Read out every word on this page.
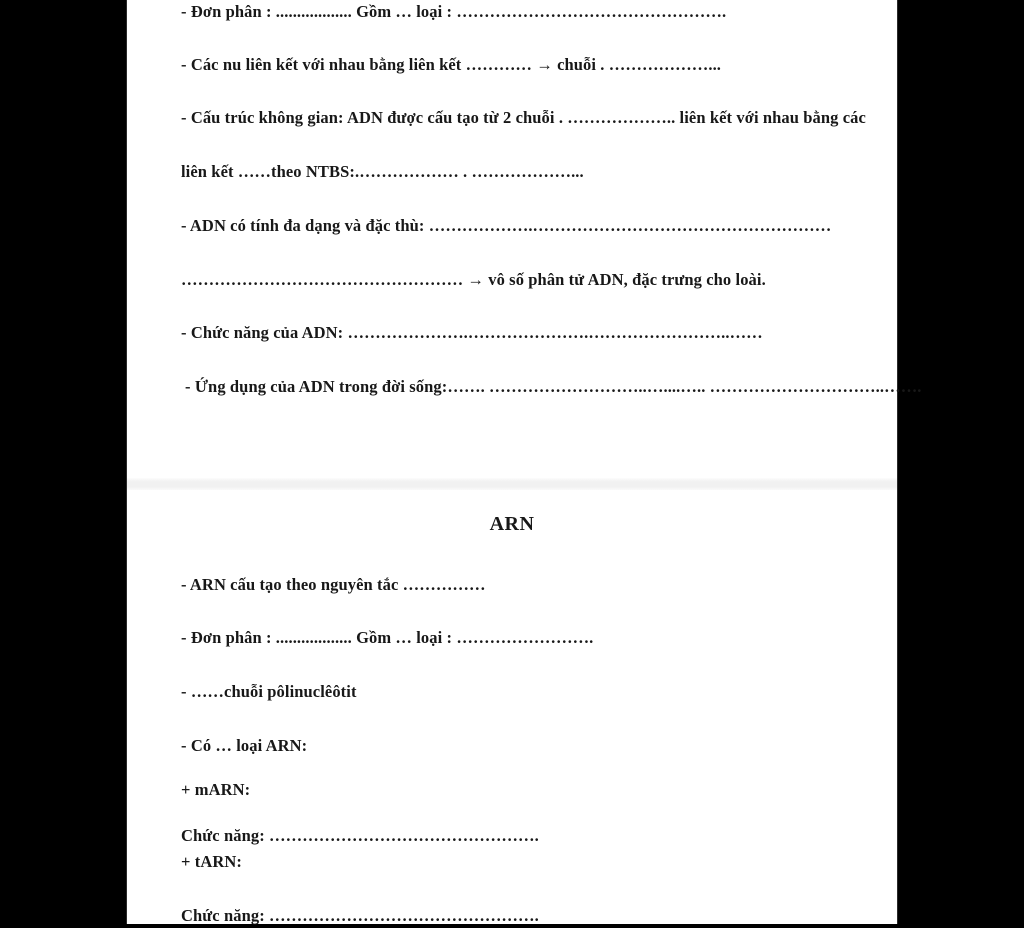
- Đơn phân : .................. Gồm … loại : ………………………………………….

- Các nu liên kết với nhau bằng liên kết ………… → chuỗi . ………………...

- Cấu trúc không gian: ADN được cấu tạo từ 2 chuỗi . ……………….. liên kết với nhau bằng các

liên kết ……theo NTBS:.……………… . ………………...

- ADN có tính đa dạng và đặc thù: ……………….………………………………………………

…………………………………………… → vô số phân tử ADN, đặc trưng cho loài.

- Chức năng của ADN: ………………….………………….……………………..……

- Ứng dụng của ADN trong đời sống:……. ………………………..…....….. …………………………..…….

ARN

- ARN cấu tạo theo nguyên tắc ……………

- Đơn phân : .................. Gồm … loại : …………………….

- ……chuỗi pôlinuclêôtit

- Có … loại ARN:

+ mARN:

Chức năng: ………………………………………….

+ tARN:

Chức năng: ………………………………………….
